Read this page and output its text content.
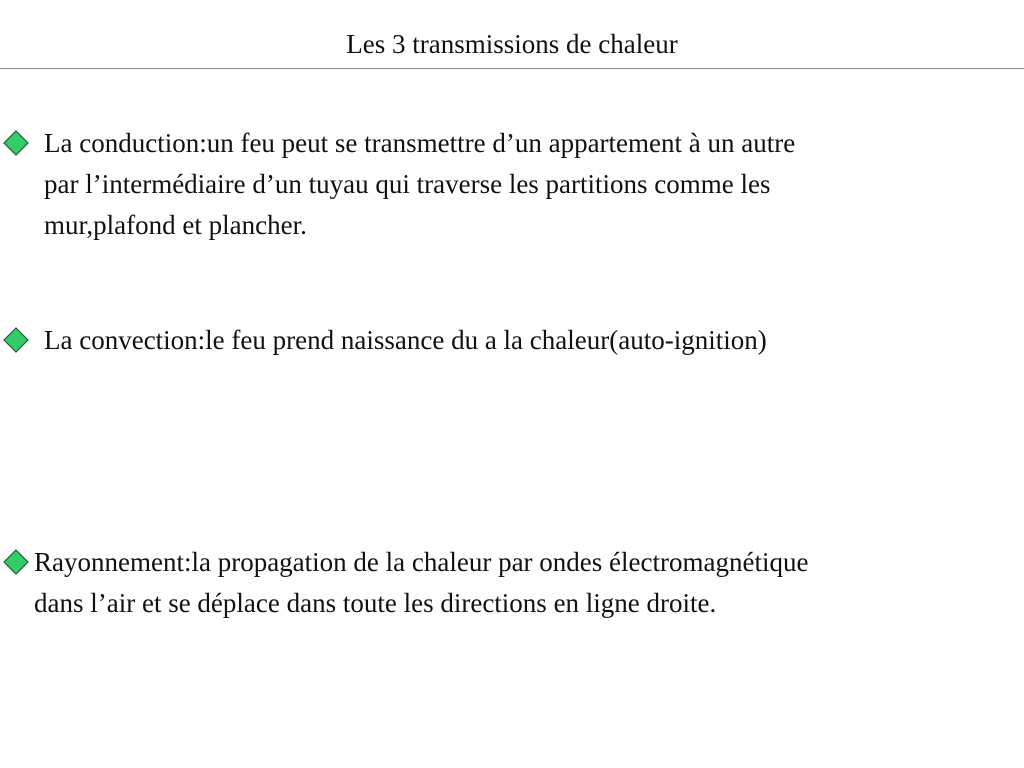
Les 3 transmissions de chaleur
La conduction:un feu peut se transmettre d’un appartement à un autre
par l’intermédiaire d’un tuyau qui traverse les partitions comme les
mur,plafond et plancher.
La convection:le feu prend naissance du a la chaleur(auto-ignition)
Rayonnement:la propagation de la chaleur par ondes électromagnétique
dans l’air et se déplace dans toute les directions en ligne droite.
